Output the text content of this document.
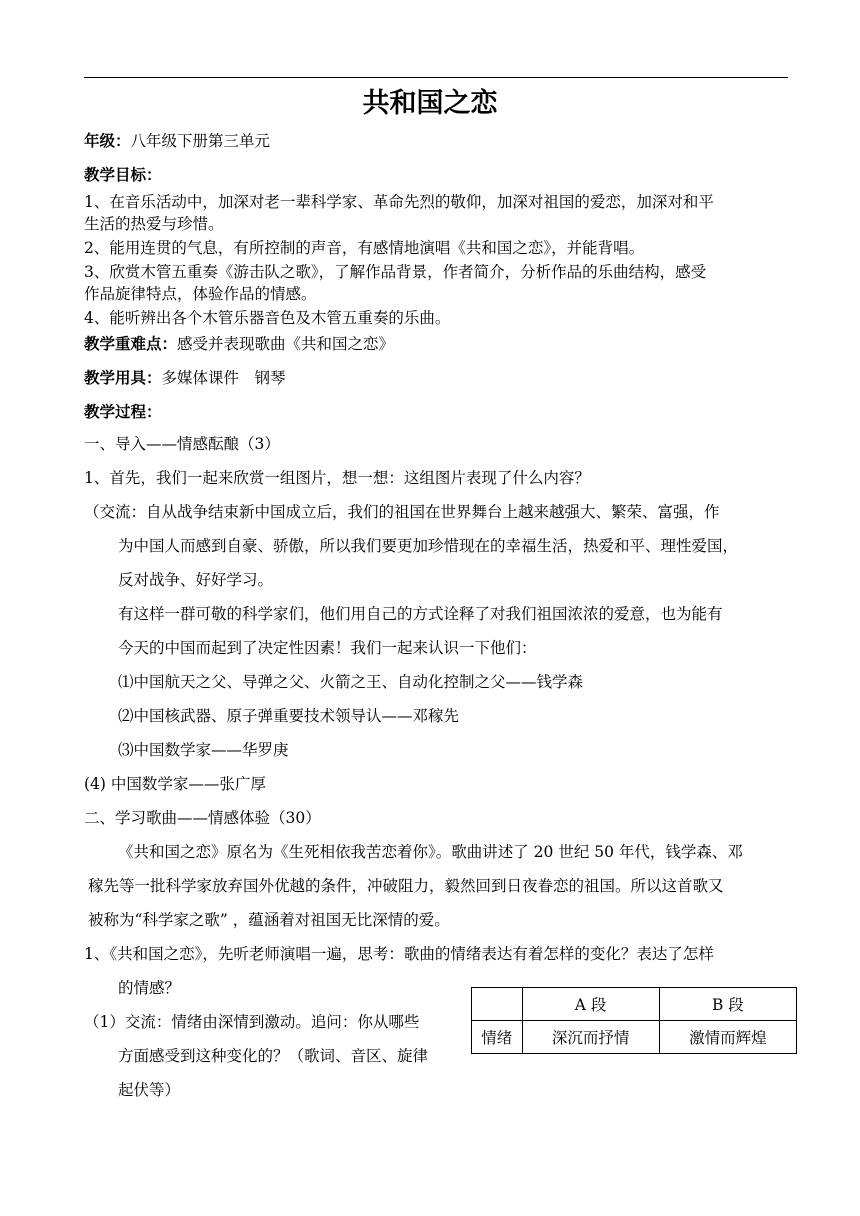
共和国之恋
年级：八年级下册第三单元
教学目标：
1、在音乐活动中，加深对老一辈科学家、革命先烈的敬仰，加深对祖国的爱恋，加深对和平
生活的热爱与珍惜。
2、能用连贯的气息，有所控制的声音，有感情地演唱《共和国之恋》，并能背唱。
3、欣赏木管五重奏《游击队之歌》，了解作品背景，作者简介，分析作品的乐曲结构，感受
作品旋律特点，体验作品的情感。
4、能听辨出各个木管乐器音色及木管五重奏的乐曲。
教学重难点：感受并表现歌曲《共和国之恋》
教学用具：多媒体课件　钢琴
教学过程：
一、导入——情感酝酿（3）
1、首先，我们一起来欣赏一组图片，想一想：这组图片表现了什么内容？
（交流：自从战争结束新中国成立后，我们的祖国在世界舞台上越来越强大、繁荣、富强，作
为中国人而感到自豪、骄傲，所以我们要更加珍惜现在的幸福生活，热爱和平、理性爱国，
反对战争、好好学习。
有这样一群可敬的科学家们，他们用自己的方式诠释了对我们祖国浓浓的爱意，也为能有
今天的中国而起到了决定性因素！我们一起来认识一下他们：
⑴中国航天之父、导弹之父、火箭之王、自动化控制之父——钱学森
⑵中国核武器、原子弹重要技术领导认——邓稼先
⑶中国数学家——华罗庚
(4) 中国数学家——张广厚
二、学习歌曲——情感体验（30）
《共和国之恋》原名为《生死相依我苦恋着你》。歌曲讲述了 20 世纪 50 年代，钱学森、邓
稼先等一批科学家放弃国外优越的条件，冲破阻力，毅然回到日夜眷恋的祖国。所以这首歌又
被称为“科学家之歌” ，蕴涵着对祖国无比深情的爱。
1、《共和国之恋》，先听老师演唱一遍，思考：歌曲的情绪表达有着怎样的变化？表达了怎样
的情感？
（1）交流：情绪由深情到激动。追问：你从哪些
方面感受到这种变化的？（歌词、音区、旋律
起伏等）
	A 段	B 段
情绪	深沉而抒情	激情而辉煌
